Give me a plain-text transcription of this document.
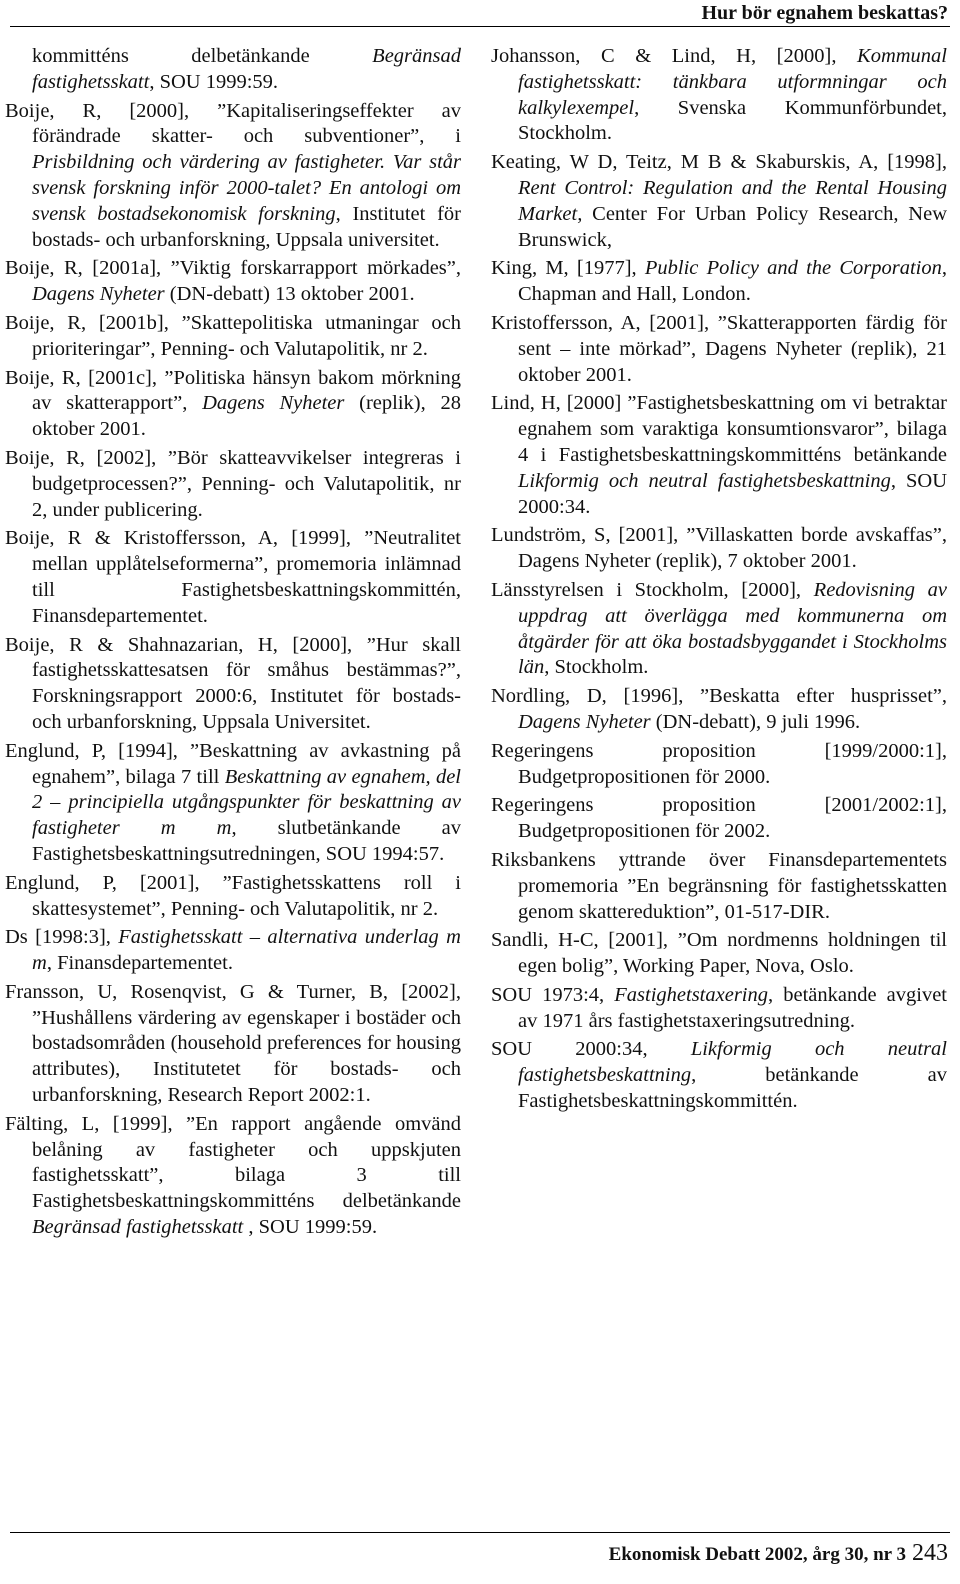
Hur bör egnahem beskattas?

kommitténs delbetänkande Begränsad fastighetsskatt, SOU 1999:59.

Boije, R, [2000], ”Kapitaliseringseffekter av förändrade skatter- och subventioner”, i Prisbildning och värdering av fastigheter. Var står svensk forskning inför 2000-talet? En antologi om svensk bostadsekonomisk forskning, Institutet för bostads- och urbanforskning, Uppsala universitet.

Boije, R, [2001a], ”Viktig forskarrapport mörkades”, Dagens Nyheter (DN-debatt) 13 oktober 2001.

Boije, R, [2001b], ”Skattepolitiska utmaningar och prioriteringar”, Penning- och Valutapolitik, nr 2.

Boije, R, [2001c], ”Politiska hänsyn bakom mörkning av skatterapport”, Dagens Nyheter (replik), 28 oktober 2001.

Boije, R, [2002], ”Bör skatteavvikelser integreras i budgetprocessen?”, Penning- och Valutapolitik, nr 2, under publicering.

Boije, R & Kristoffersson, A, [1999], ”Neutralitet mellan upplåtelseformerna”, promemoria inlämnad till Fastighetsbeskattningskommittén, Finansdepartementet.

Boije, R & Shahnazarian, H, [2000], ”Hur skall fastighetsskattesatsen för småhus bestämmas?”, Forskningsrapport 2000:6, Institutet för bostads- och urbanforskning, Uppsala Universitet.

Englund, P, [1994], ”Beskattning av avkastning på egnahem”, bilaga 7 till Beskattning av egnahem, del 2 – principiella utgångspunkter för beskattning av fastigheter m m, slutbetänkande av Fastighetsbeskattningsutredningen, SOU 1994:57.

Englund, P, [2001], ”Fastighetsskattens roll i skattesystemet”, Penning- och Valutapolitik, nr 2.

Ds [1998:3], Fastighetsskatt – alternativa underlag m m, Finansdepartementet.

Fransson, U, Rosenqvist, G & Turner, B, [2002], ”Hushållens värdering av egenskaper i bostäder och bostadsområden (household preferences for housing attributes), Institutetet för bostads- och urbanforskning, Research Report 2002:1.

Fälting, L, [1999], ”En rapport angående omvänd belåning av fastigheter och uppskjuten fastighetsskatt”, bilaga 3 till Fastighetsbeskattningskommitténs delbetänkande Begränsad fastighetsskatt , SOU 1999:59.

Johansson, C & Lind, H, [2000], Kommunal fastighetsskatt: tänkbara utformningar och kalkylexempel, Svenska Kommunförbundet, Stockholm.

Keating, W D, Teitz, M B & Skaburskis, A, [1998], Rent Control: Regulation and the Rental Housing Market, Center For Urban Policy Research, New Brunswick,

King, M, [1977], Public Policy and the Corporation, Chapman and Hall, London.

Kristoffersson, A, [2001], ”Skatterapporten färdig för sent – inte mörkad”, Dagens Nyheter (replik), 21 oktober 2001.

Lind, H, [2000] ”Fastighetsbeskattning om vi betraktar egnahem som varaktiga konsumtionsvaror”, bilaga 4 i Fastighetsbeskattningskommitténs betänkande Likformig och neutral fastighetsbeskattning, SOU 2000:34.

Lundström, S, [2001], ”Villaskatten borde avskaffas”, Dagens Nyheter (replik), 7 oktober 2001.

Länsstyrelsen i Stockholm, [2000], Redovisning av uppdrag att överlägga med kommunerna om åtgärder för att öka bostadsbyggandet i Stockholms län, Stockholm.

Nordling, D, [1996], ”Beskatta efter husprisset”, Dagens Nyheter (DN-debatt), 9 juli 1996.

Regeringens proposition [1999/2000:1], Budgetpropositionen för 2000.

Regeringens proposition [2001/2002:1], Budgetpropositionen för 2002.

Riksbankens yttrande över Finansdepartementets promemoria ”En begränsning för fastighetsskatten genom skattereduktion”, 01-517-DIR.

Sandli, H-C, [2001], ”Om nordmenns holdningen til egen bolig”, Working Paper, Nova, Oslo.

SOU 1973:4, Fastighetstaxering, betänkande avgivet av 1971 års fastighetstaxeringsutredning.

SOU 2000:34, Likformig och neutral fastighetsbeskattning, betänkande av Fastighetsbeskattningskommittén.

Ekonomisk Debatt 2002, årg 30, nr 3 243
